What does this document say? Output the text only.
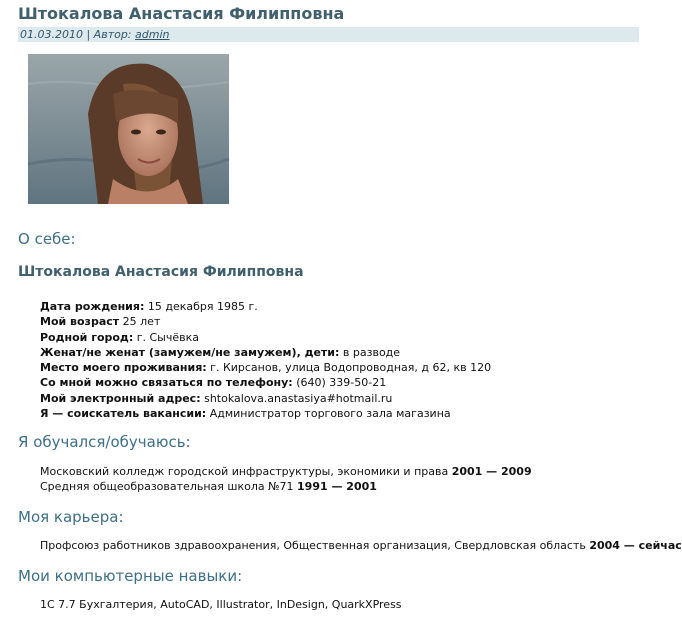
Штокалова Анастасия Филипповна
01.03.2010 | Автор: admin
О себе:
Штокалова Анастасия Филипповна
Дата рождения: 15 декабря 1985 г.
Мой возраст 25 лет
Родной город: г. Сычёвка
Женат/не женат (замужем/не замужем), дети: в разводе
Место моего проживания: г. Кирсанов, улица Водопроводная, д 62, кв 120
Со мной можно связаться по телефону: (640) 339-50-21
Мой электронный адрес: shtokalova.anastasiya#hotmail.ru
Я — соискатель вакансии: Администратор торгового зала магазина
Я обучался/обучаюсь:
Московский колледж городской инфраструктуры, экономики и права 2001 — 2009
Средняя общеобразовательная школа №71 1991 — 2001
Моя карьера:
Профсоюз работников здравоохранения, Общественная организация, Свердловская область 2004 — сейчас
Мои компьютерные навыки:
1С 7.7 Бухгалтерия, AutoCAD, Illustrator, InDesign, QuarkXPress
